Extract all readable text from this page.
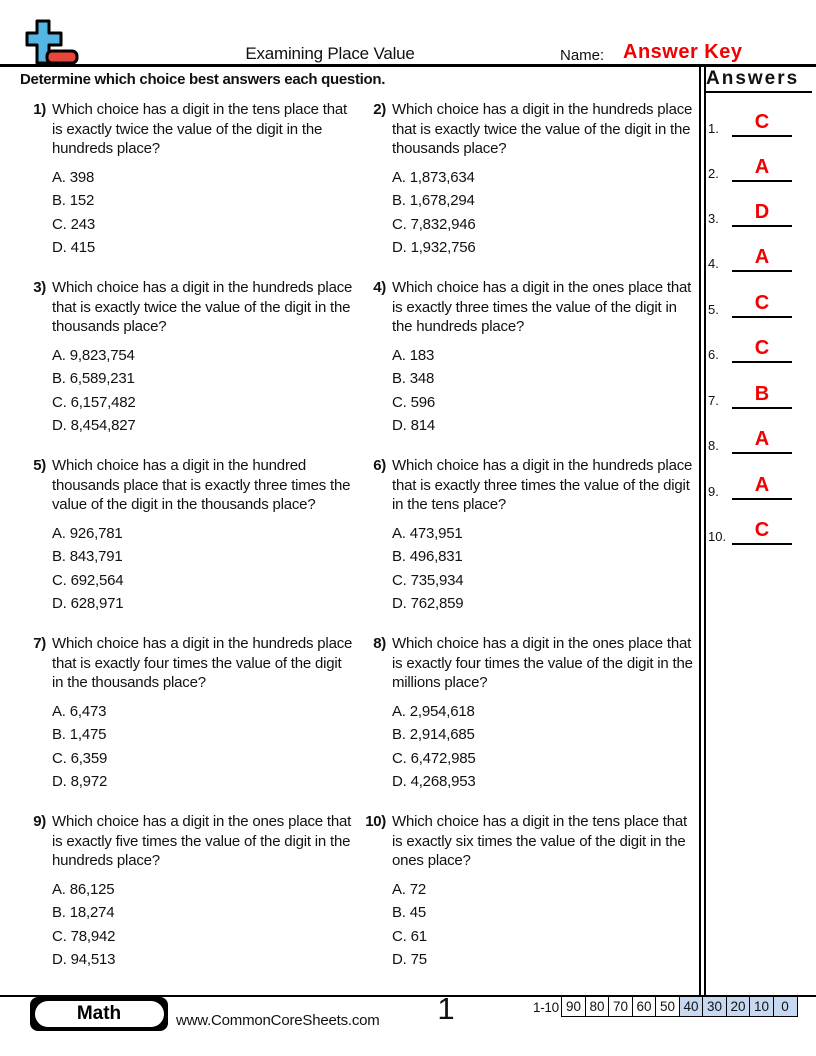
Examining Place Value	Name: Answer Key
Determine which choice best answers each question.
1) Which choice has a digit in the tens place that is exactly twice the value of the digit in the hundreds place?
A. 398
B. 152
C. 243
D. 415
2) Which choice has a digit in the hundreds place that is exactly twice the value of the digit in the thousands place?
A. 1,873,634
B. 1,678,294
C. 7,832,946
D. 1,932,756
3) Which choice has a digit in the hundreds place that is exactly twice the value of the digit in the thousands place?
A. 9,823,754
B. 6,589,231
C. 6,157,482
D. 8,454,827
4) Which choice has a digit in the ones place that is exactly three times the value of the digit in the hundreds place?
A. 183
B. 348
C. 596
D. 814
5) Which choice has a digit in the hundred thousands place that is exactly three times the value of the digit in the thousands place?
A. 926,781
B. 843,791
C. 692,564
D. 628,971
6) Which choice has a digit in the hundreds place that is exactly three times the value of the digit in the tens place?
A. 473,951
B. 496,831
C. 735,934
D. 762,859
7) Which choice has a digit in the hundreds place that is exactly four times the value of the digit in the thousands place?
A. 6,473
B. 1,475
C. 6,359
D. 8,972
8) Which choice has a digit in the ones place that is exactly four times the value of the digit in the millions place?
A. 2,954,618
B. 2,914,685
C. 6,472,985
D. 4,268,953
9) Which choice has a digit in the ones place that is exactly five times the value of the digit in the hundreds place?
A. 86,125
B. 18,274
C. 78,942
D. 94,513
10) Which choice has a digit in the tens place that is exactly six times the value of the digit in the ones place?
A. 72
B. 45
C. 61
D. 75
Answers
1.	C
2.	A
3.	D
4.	A
5.	C
6.	C
7.	B
8.	A
9.	A
10.	C
Math	www.CommonCoreSheets.com	1	1-10 90 80 70 60 50 40 30 20 10 0
